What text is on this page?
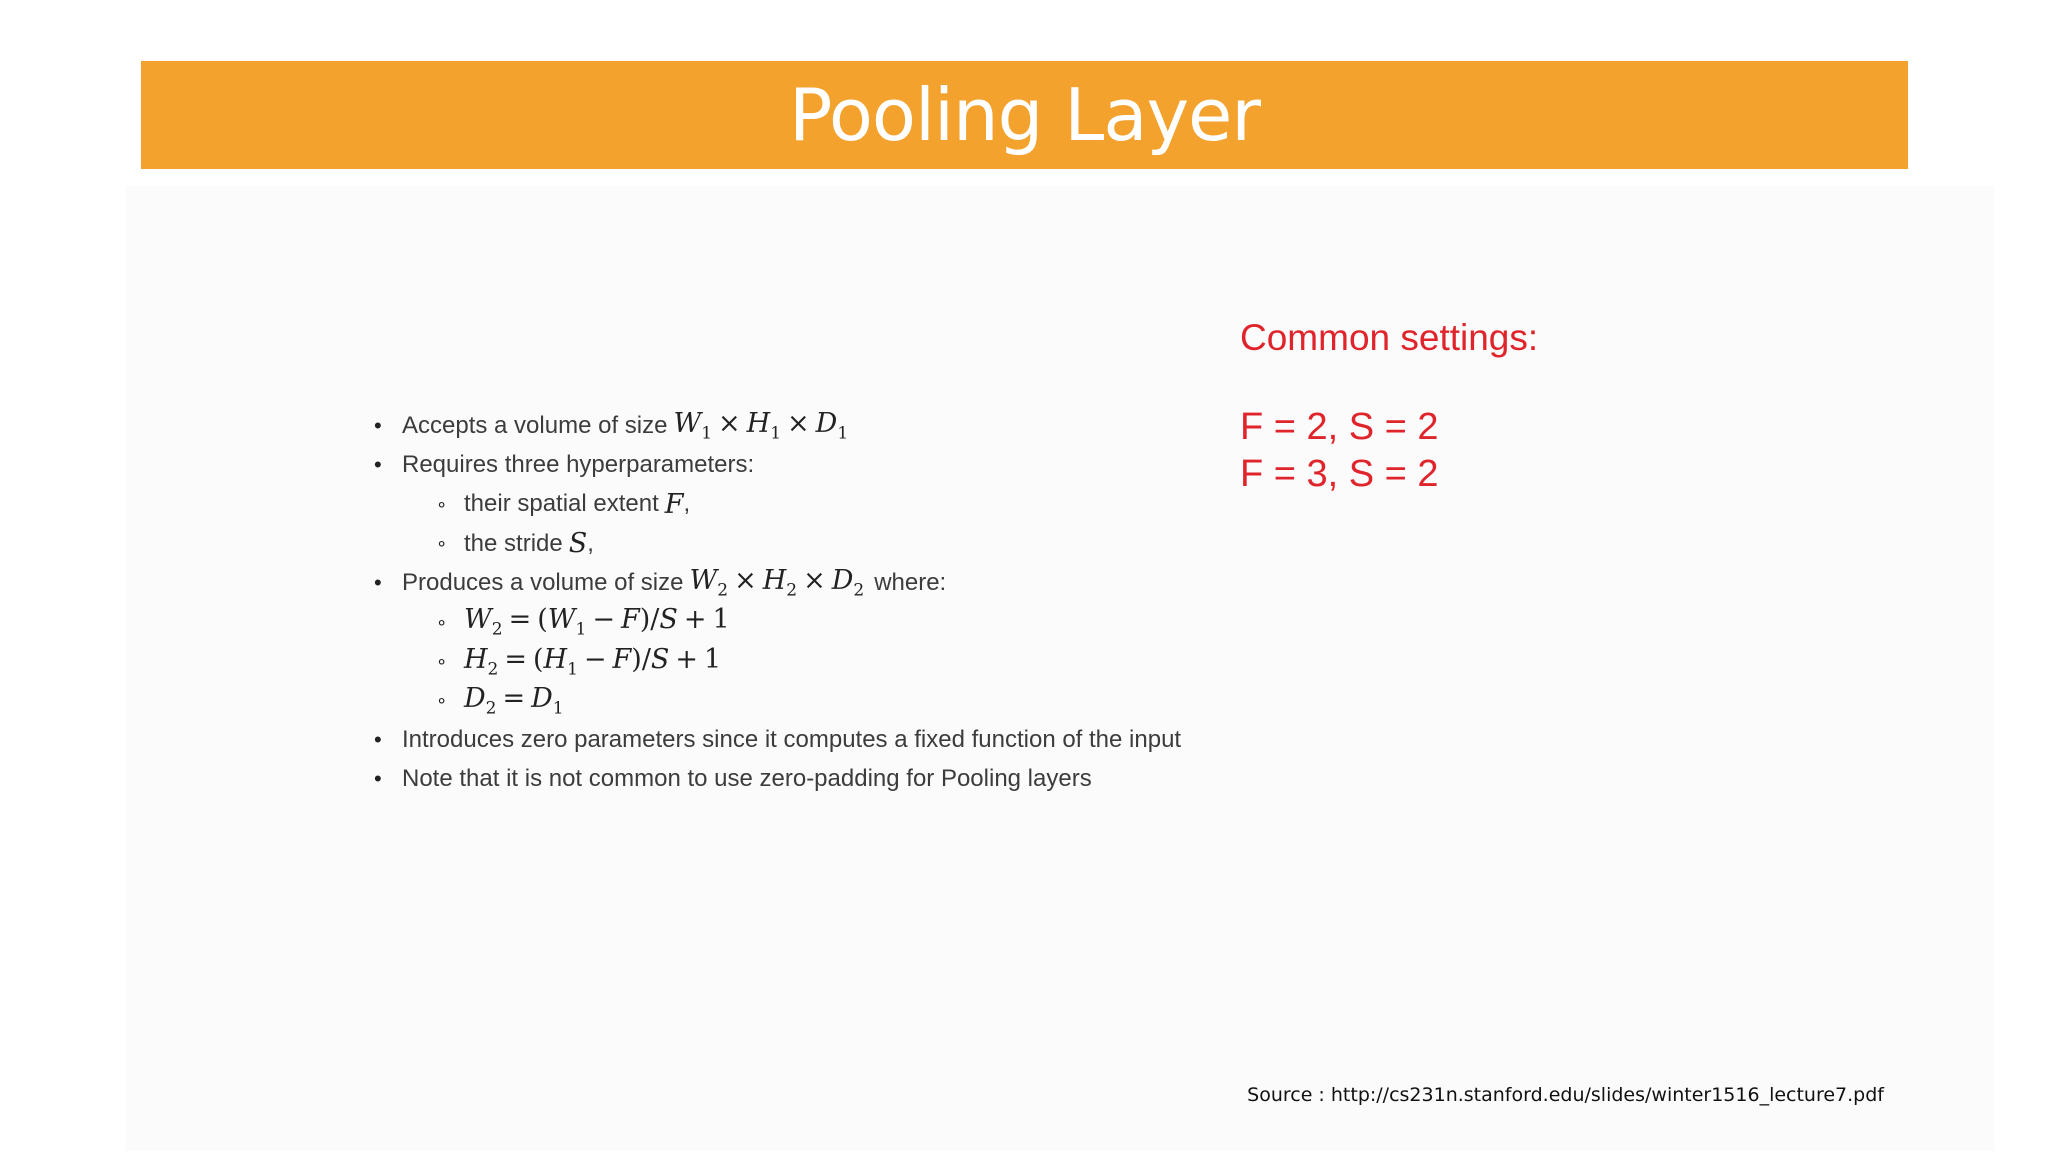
Pooling Layer
• Accepts a volume of size $W_1 \times H_1 \times D_1$
• Requires three hyperparameters:
∘ their spatial extent F ,
∘ the stride S ,
• Produces a volume of size $W_2 \times H_2 \times D_2$ where:
∘ $W_2 = (W_1 - F)/S + 1$
∘ $H_2 = (H_1 - F)/S + 1$
∘ $D_2 = D_1$
• Introduces zero parameters since it computes a fixed function of the input
• Note that it is not common to use zero-padding for Pooling layers
Common settings:
F = 2, S = 2
F = 3, S = 2
Source : http://cs231n.stanford.edu/slides/winter1516_lecture7.pdf
